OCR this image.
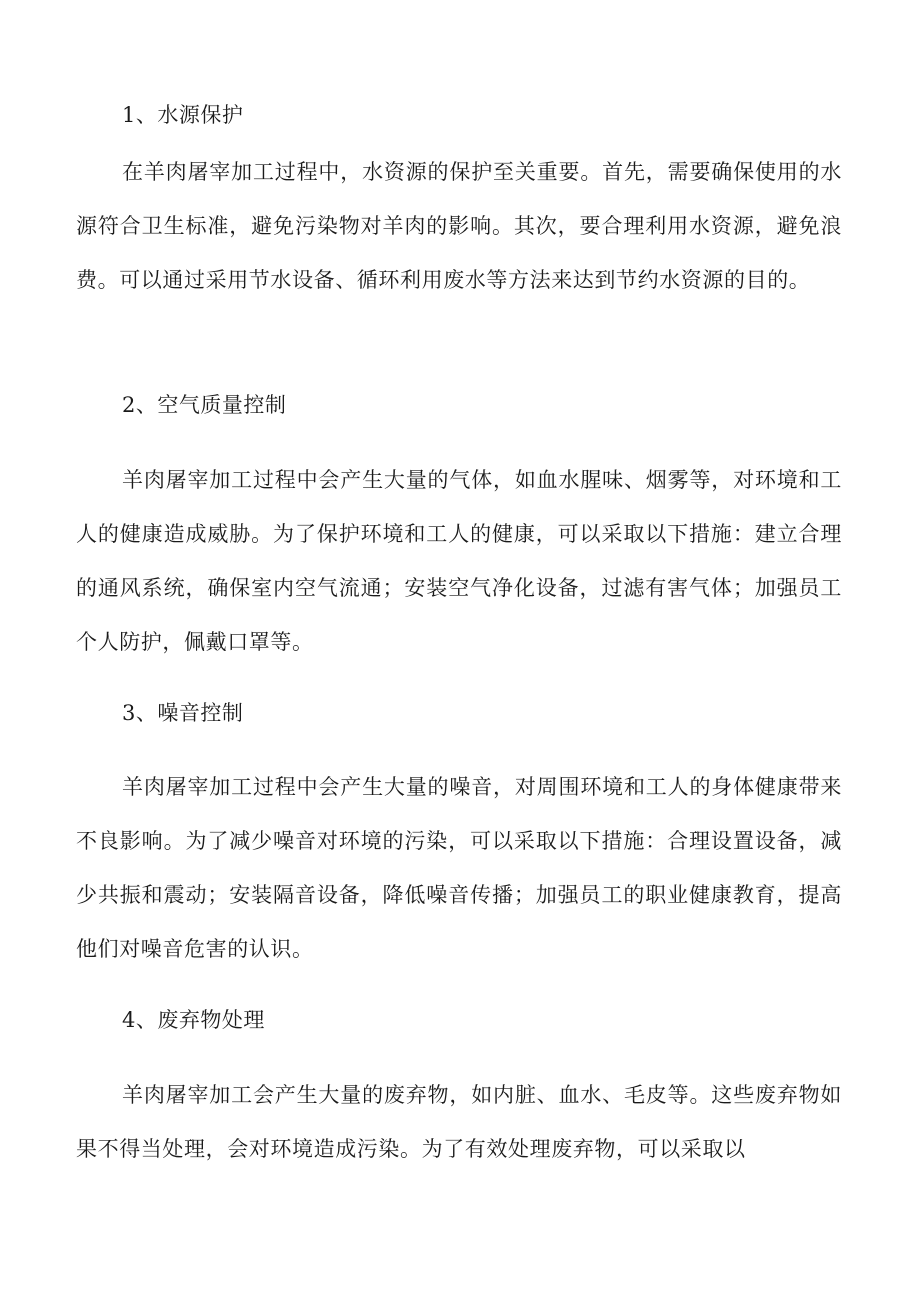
1、水源保护

在羊肉屠宰加工过程中，水资源的保护至关重要。首先，需要确保使用的水源符合卫生标准，避免污染物对羊肉的影响。其次，要合理利用水资源，避免浪费。可以通过采用节水设备、循环利用废水等方法来达到节约水资源的目的。

2、空气质量控制

羊肉屠宰加工过程中会产生大量的气体，如血水腥味、烟雾等，对环境和工人的健康造成威胁。为了保护环境和工人的健康，可以采取以下措施：建立合理的通风系统，确保室内空气流通；安装空气净化设备，过滤有害气体；加强员工个人防护，佩戴口罩等。

3、噪音控制

羊肉屠宰加工过程中会产生大量的噪音，对周围环境和工人的身体健康带来不良影响。为了减少噪音对环境的污染，可以采取以下措施：合理设置设备，减少共振和震动；安装隔音设备，降低噪音传播；加强员工的职业健康教育，提高他们对噪音危害的认识。

4、废弃物处理

羊肉屠宰加工会产生大量的废弃物，如内脏、血水、毛皮等。这些废弃物如果不得当处理，会对环境造成污染。为了有效处理废弃物，可以采取以
